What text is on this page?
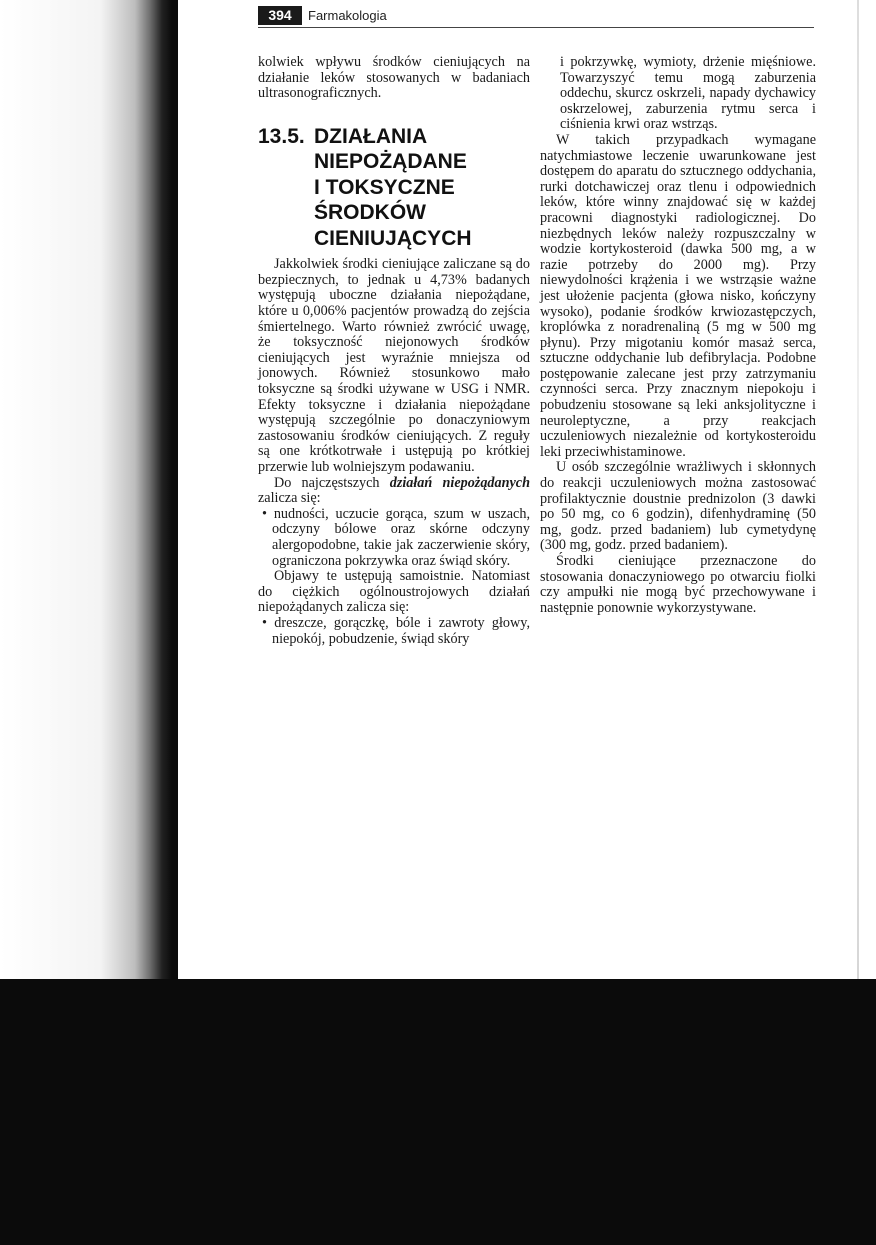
394	Farmakologia

kolwiek wpływu środków cieniujących na działanie leków stosowanych w badaniach ultrasonograficznych.

13.5. DZIAŁANIA
NIEPOŻĄDANE
I TOKSYCZNE
ŚRODKÓW
CIENIUJĄCYCH

Jakkolwiek środki cieniujące zaliczane są do bezpiecznych, to jednak u 4,73% badanych występują uboczne działania niepożądane, które u 0,006% pacjentów prowadzą do zejścia śmiertelnego. Warto również zwrócić uwagę, że toksyczność niejonowych środków cieniujących jest wyraźnie mniejsza od jonowych. Również stosunkowo mało toksyczne są środki używane w USG i NMR. Efekty toksyczne i działania niepożądane występują szczególnie po donaczyniowym zastosowaniu środków cieniujących. Z reguły są one krótkotrwałe i ustępują po krótkiej przerwie lub wolniejszym podawaniu.

Do najczęstszych działań niepożądanych zalicza się:

• nudności, uczucie gorąca, szum w uszach, odczyny bólowe oraz skórne odczyny alergopodobne, takie jak zaczerwienie skóry, ograniczona pokrzywka oraz świąd skóry.

Objawy te ustępują samoistnie. Natomiast do ciężkich ogólnoustrojowych działań niepożądanych zalicza się:

• dreszcze, gorączkę, bóle i zawroty głowy, niepokój, pobudzenie, świąd skóry

i pokrzywkę, wymioty, drżenie mięśniowe. Towarzyszyć temu mogą zaburzenia oddechu, skurcz oskrzeli, napady dychawicy oskrzelowej, zaburzenia rytmu serca i ciśnienia krwi oraz wstrząs.

W takich przypadkach wymagane natychmiastowe leczenie uwarunkowane jest dostępem do aparatu do sztucznego oddychania, rurki dotchawiczej oraz tlenu i odpowiednich leków, które winny znajdować się w każdej pracowni diagnostyki radiologicznej. Do niezbędnych leków należy rozpuszczalny w wodzie kortykosteroid (dawka 500 mg, a w razie potrzeby do 2000 mg). Przy niewydolności krążenia i we wstrząsie ważne jest ułożenie pacjenta (głowa nisko, kończyny wysoko), podanie środków krwiozastępczych, kroplówka z noradrenaliną (5 mg w 500 mg płynu). Przy migotaniu komór masaż serca, sztuczne oddychanie lub defibrylacja. Podobne postępowanie zalecane jest przy zatrzymaniu czynności serca. Przy znacznym niepokoju i pobudzeniu stosowane są leki anksjolityczne i neuroleptyczne, a przy reakcjach uczuleniowych niezależnie od kortykosteroidu leki przeciwhistaminowe.

U osób szczególnie wrażliwych i skłonnych do reakcji uczuleniowych można zastosować profilaktycznie doustnie prednizolon (3 dawki po 50 mg, co 6 godzin), difenhydraminę (50 mg, godz. przed badaniem) lub cymetydynę (300 mg, godz. przed badaniem).

Środki cieniujące przeznaczone do stosowania donaczyniowego po otwarciu fiolki czy ampułki nie mogą być przechowywane i następnie ponownie wykorzystywane.
